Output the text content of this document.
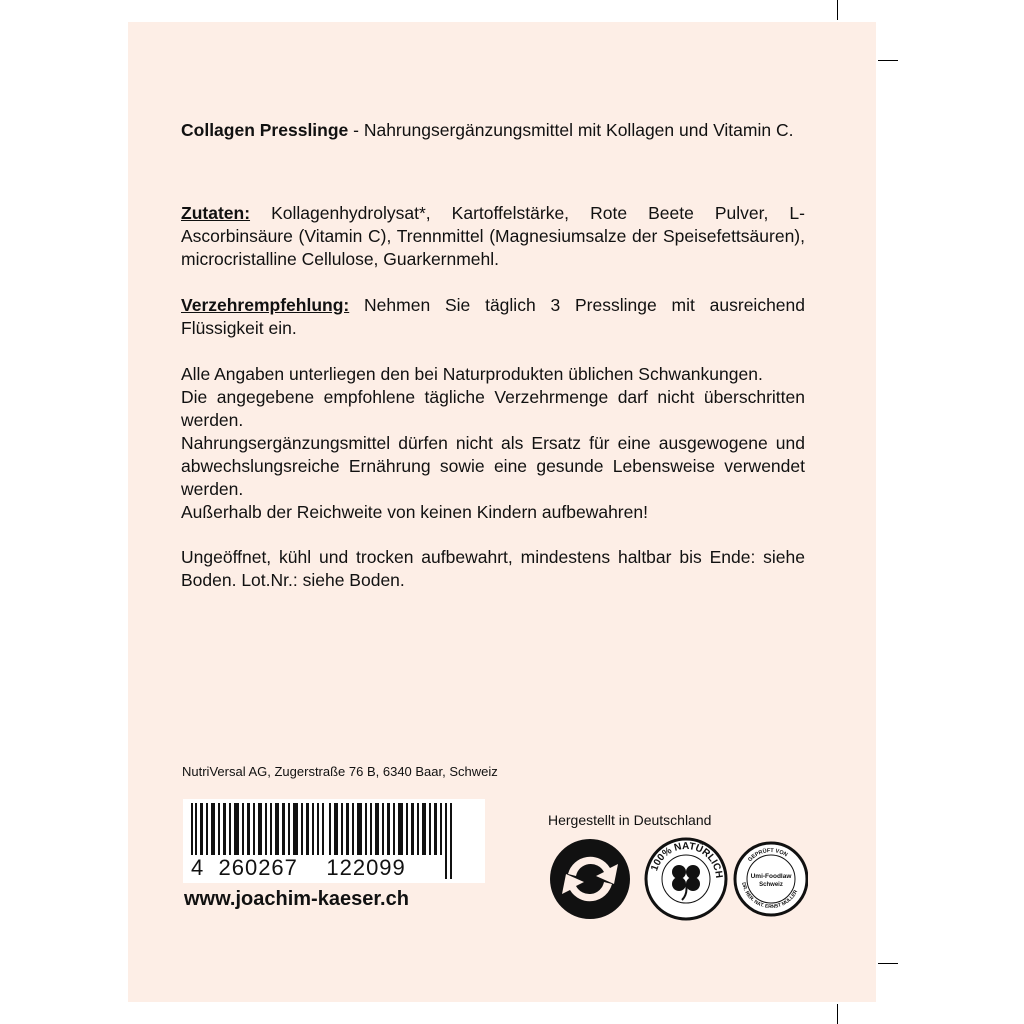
Collagen Presslinge - Nahrungsergänzungsmittel mit Kollagen und Vitamin C.

Zutaten: Kollagenhydrolysat*, Kartoffelstärke, Rote Beete Pulver, L-Ascorbinsäure (Vitamin C), Trennmittel (Magnesiumsalze der Speisefettsäuren), microcristalline Cellulose, Guarkernmehl.

Verzehrempfehlung: Nehmen Sie täglich 3 Presslinge mit ausreichend Flüssigkeit ein.

Alle Angaben unterliegen den bei Naturprodukten üblichen Schwankungen.

Die angegebene empfohlene tägliche Verzehrmenge darf nicht überschritten werden.

Nahrungsergänzungsmittel dürfen nicht als Ersatz für eine ausgewogene und abwechslungsreiche Ernährung sowie eine gesunde Lebensweise verwendet werden.

Außerhalb der Reichweite von keinen Kindern aufbewahren!

Ungeöffnet, kühl und trocken aufbewahrt, mindestens haltbar bis Ende: siehe Boden. Lot.Nr.: siehe Boden.

NutriVersal AG, Zugerstraße 76 B, 6340 Baar, Schweiz
4 260267 122099
www.joachim-kaeser.ch
Hergestellt in Deutschland
100% NATÜRLICH
GEPRÜFT VON
Umi-Foodlaw
Schweiz
DR. RER. NAT. ERNST MÜLLER
